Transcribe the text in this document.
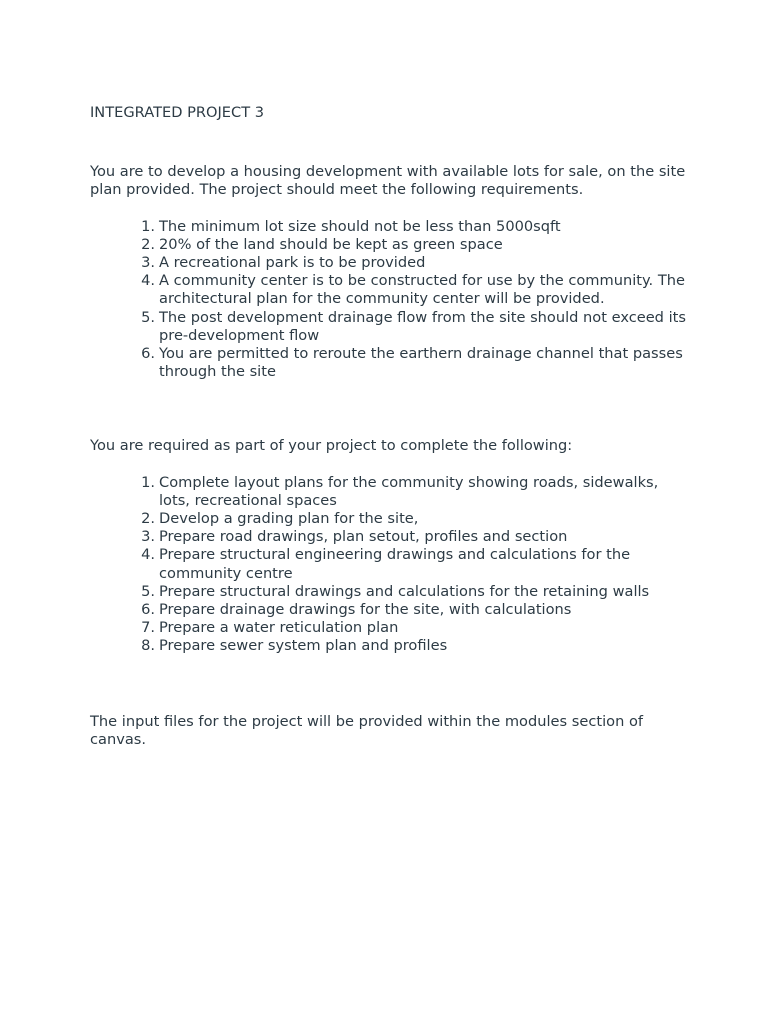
INTEGRATED PROJECT 3

You are to develop a housing development with available lots for sale, on the site plan provided. The project should meet the following requirements.

1. The minimum lot size should not be less than 5000sqft
2. 20% of the land should be kept as green space
3. A recreational park is to be provided
4. A community center is to be constructed for use by the community. The architectural plan for the community center will be provided.
5. The post development drainage flow from the site should not exceed its pre-development flow
6. You are permitted to reroute the earthern drainage channel that passes through the site

You are required as part of your project to complete the following:

1. Complete layout plans for the community showing roads, sidewalks, lots, recreational spaces
2. Develop a grading plan for the site,
3. Prepare road drawings, plan setout, profiles and section
4. Prepare structural engineering drawings and calculations for the community centre
5. Prepare structural drawings and calculations for the retaining walls
6. Prepare drainage drawings for the site, with calculations
7. Prepare a water reticulation plan
8. Prepare sewer system plan and profiles

The input files for the project will be provided within the modules section of canvas.
